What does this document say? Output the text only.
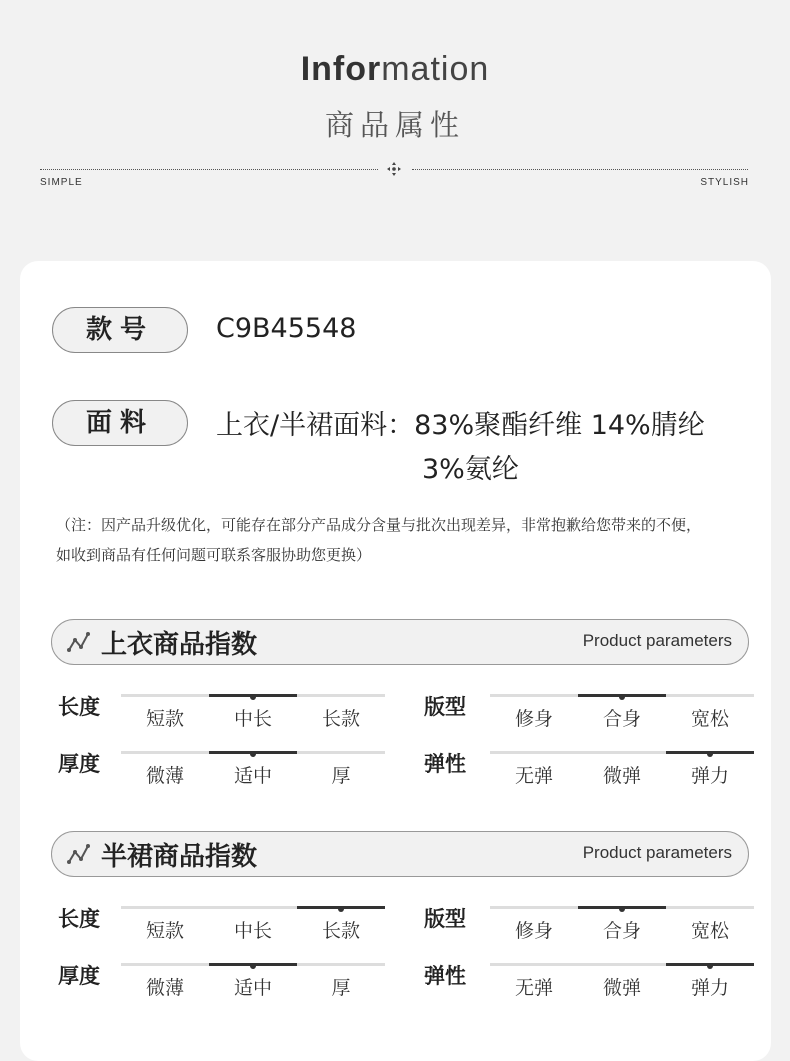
Information
商品属性
SIMPLE	STYLISH
款号	C9B45548
面料	上衣/半裙面料：83%聚酯纤维 14%腈纶
3%氨纶
（注：因产品升级优化，可能存在部分产品成分含量与批次出现差异，非常抱歉给您带来的不便，
如收到商品有任何问题可联系客服协助您更换）
上衣商品指数	Product parameters
长度	短款	中长	长款	版型	修身	合身	宽松
厚度	微薄	适中	厚	弹性	无弹	微弹	弹力
半裙商品指数	Product parameters
长度	短款	中长	长款	版型	修身	合身	宽松
厚度	微薄	适中	厚	弹性	无弹	微弹	弹力
